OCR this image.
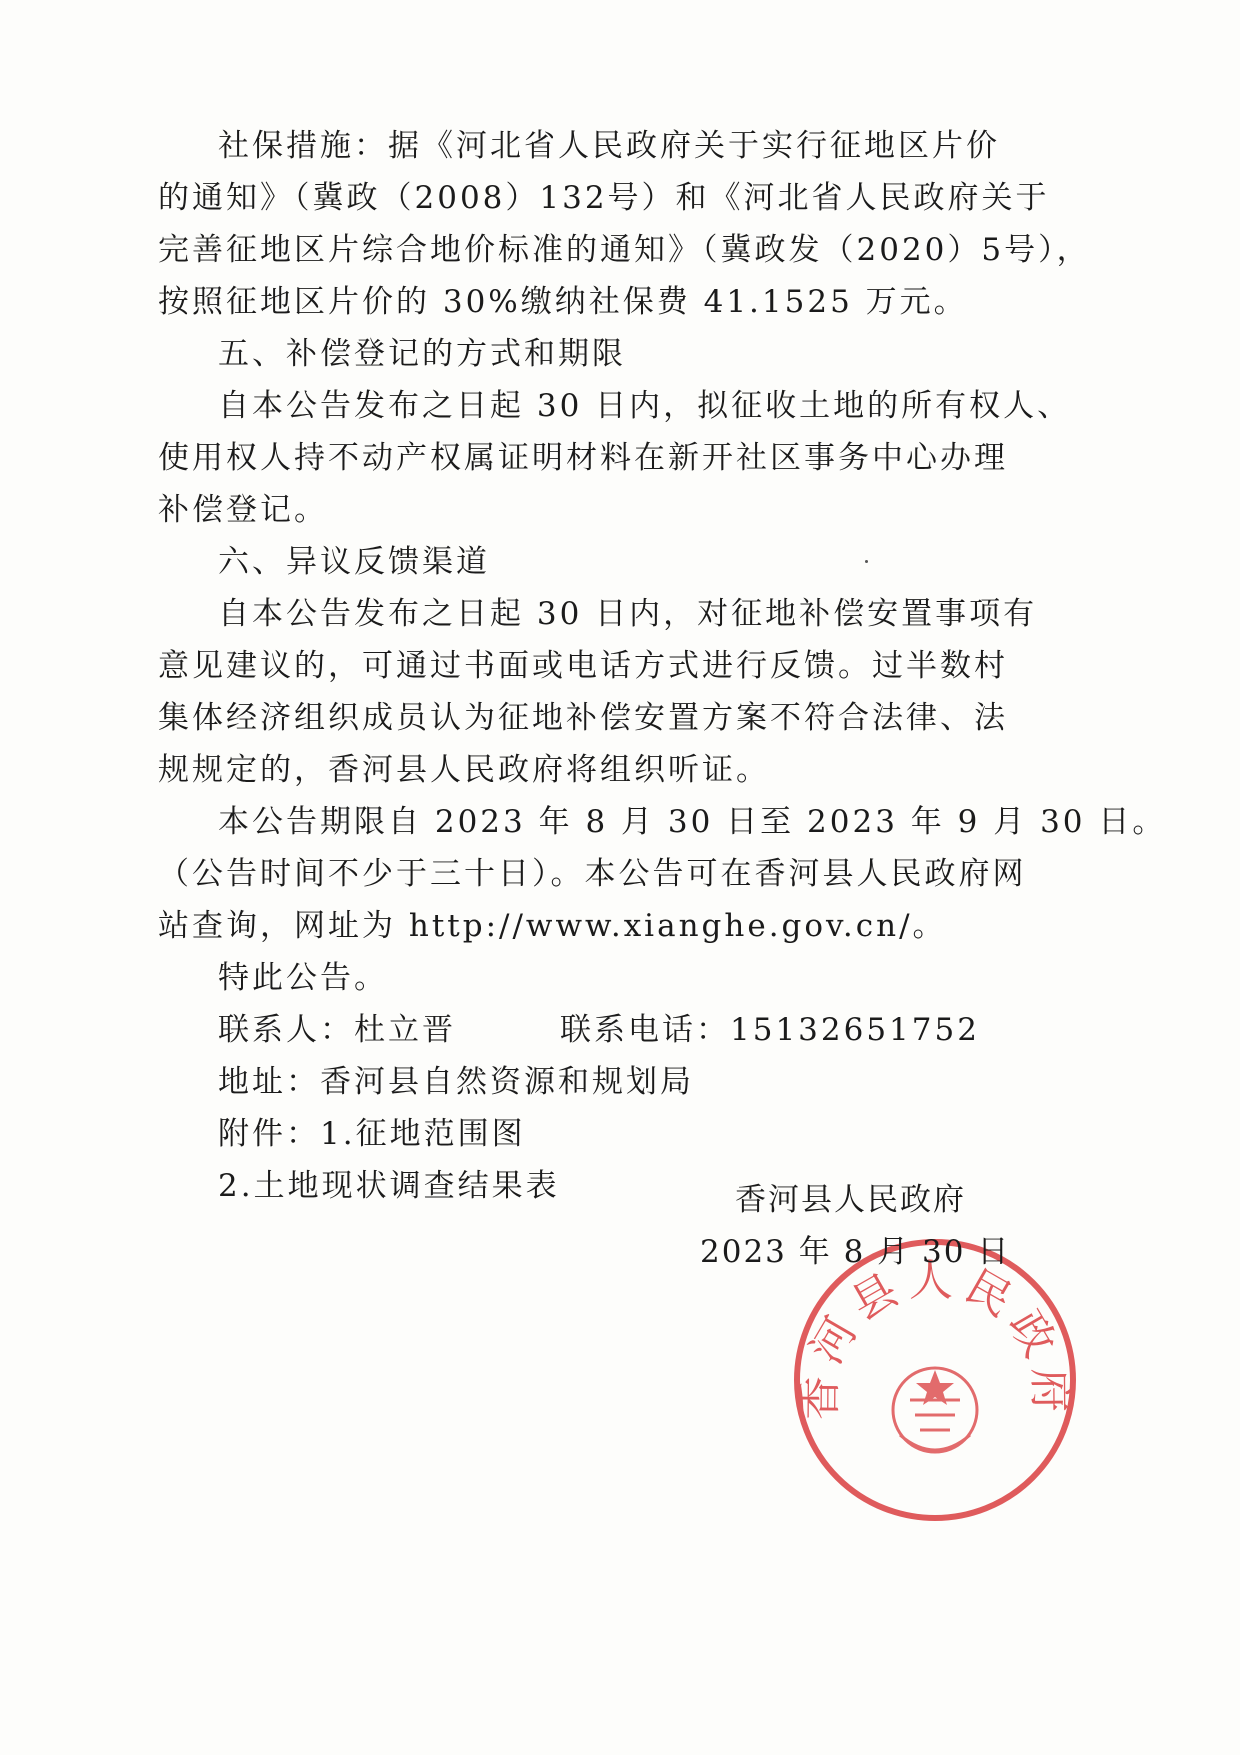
社保措施：据《河北省人民政府关于实行征地区片价
的通知》（冀政（2008）132号）和《河北省人民政府关于
完善征地区片综合地价标准的通知》（冀政发（2020）5号），
按照征地区片价的 30%缴纳社保费 41.1525 万元。
五、补偿登记的方式和期限
自本公告发布之日起 30 日内，拟征收土地的所有权人、
使用权人持不动产权属证明材料在新开社区事务中心办理
补偿登记。
六、异议反馈渠道
自本公告发布之日起 30 日内，对征地补偿安置事项有
意见建议的，可通过书面或电话方式进行反馈。过半数村
集体经济组织成员认为征地补偿安置方案不符合法律、法
规规定的，香河县人民政府将组织听证。
本公告期限自 2023 年 8 月 30 日至 2023 年 9 月 30 日。
（公告时间不少于三十日）。本公告可在香河县人民政府网
站查询，网址为 http://www.xianghe.gov.cn/。
特此公告。
联系人：杜立晋	联系电话：15132651752
地址：香河县自然资源和规划局
附件：1.征地范围图
2.土地现状调查结果表
香河县人民政府
香河县人民政府
2023 年 8 月 30 日
